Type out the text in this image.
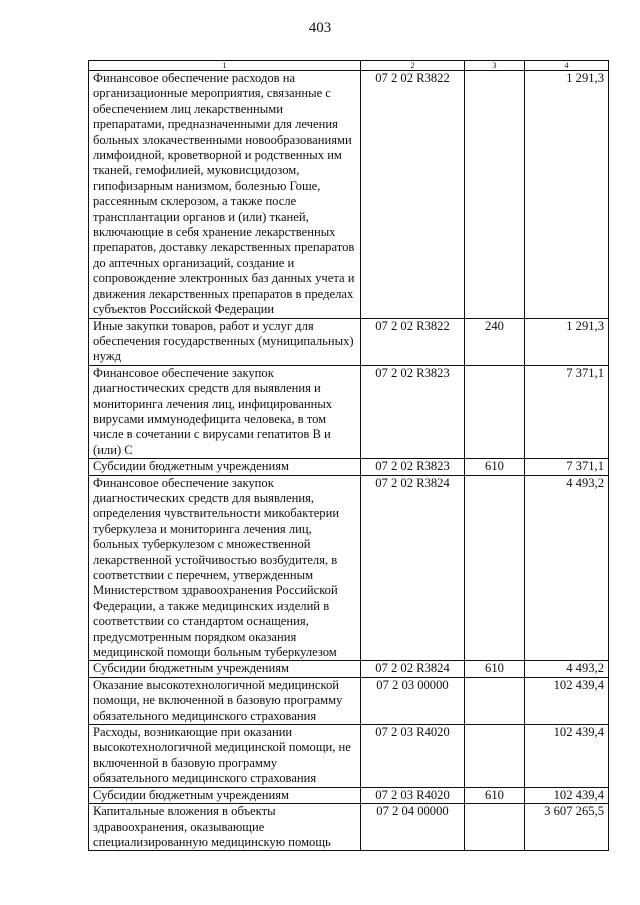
403
1	2	3	4
Финансовое обеспечение расходов на организационные мероприятия, связанные с обеспечением лиц лекарственными препаратами, предназначенными для лечения больных злокачественными новообразованиями лимфоидной, кроветворной и родственных им тканей, гемофилией, муковисцидозом, гипофизарным нанизмом, болезнью Гоше, рассеянным склерозом, а также после трансплантации органов и (или) тканей, включающие в себя хранение лекарственных препаратов, доставку лекарственных препаратов до аптечных организаций, создание и сопровождение электронных баз данных учета и движения лекарственных препаратов в пределах субъектов Российской Федерации	07 2 02 R3822		1 291,3
Иные закупки товаров, работ и услуг для обеспечения государственных (муниципальных) нужд	07 2 02 R3822	240	1 291,3
Финансовое обеспечение закупок диагностических средств для выявления и мониторинга лечения лиц, инфицированных вирусами иммунодефицита человека, в том числе в сочетании с вирусами гепатитов В и (или) С	07 2 02 R3823		7 371,1
Субсидии бюджетным учреждениям	07 2 02 R3823	610	7 371,1
Финансовое обеспечение закупок диагностических средств для выявления, определения чувствительности микобактерии туберкулеза и мониторинга лечения лиц, больных туберкулезом с множественной лекарственной устойчивостью возбудителя, в соответствии с перечнем, утвержденным Министерством здравоохранения Российской Федерации, а также медицинских изделий в соответствии со стандартом оснащения, предусмотренным порядком оказания медицинской помощи больным туберкулезом	07 2 02 R3824		4 493,2
Субсидии бюджетным учреждениям	07 2 02 R3824	610	4 493,2
Оказание высокотехнологичной медицинской помощи, не включенной в базовую программу обязательного медицинского страхования	07 2 03 00000		102 439,4
Расходы, возникающие при оказании высокотехнологичной медицинской помощи, не включенной в базовую программу обязательного медицинского страхования	07 2 03 R4020		102 439,4
Субсидии бюджетным учреждениям	07 2 03 R4020	610	102 439,4
Капитальные вложения в объекты здравоохранения, оказывающие специализированную медицинскую помощь	07 2 04 00000		3 607 265,5
